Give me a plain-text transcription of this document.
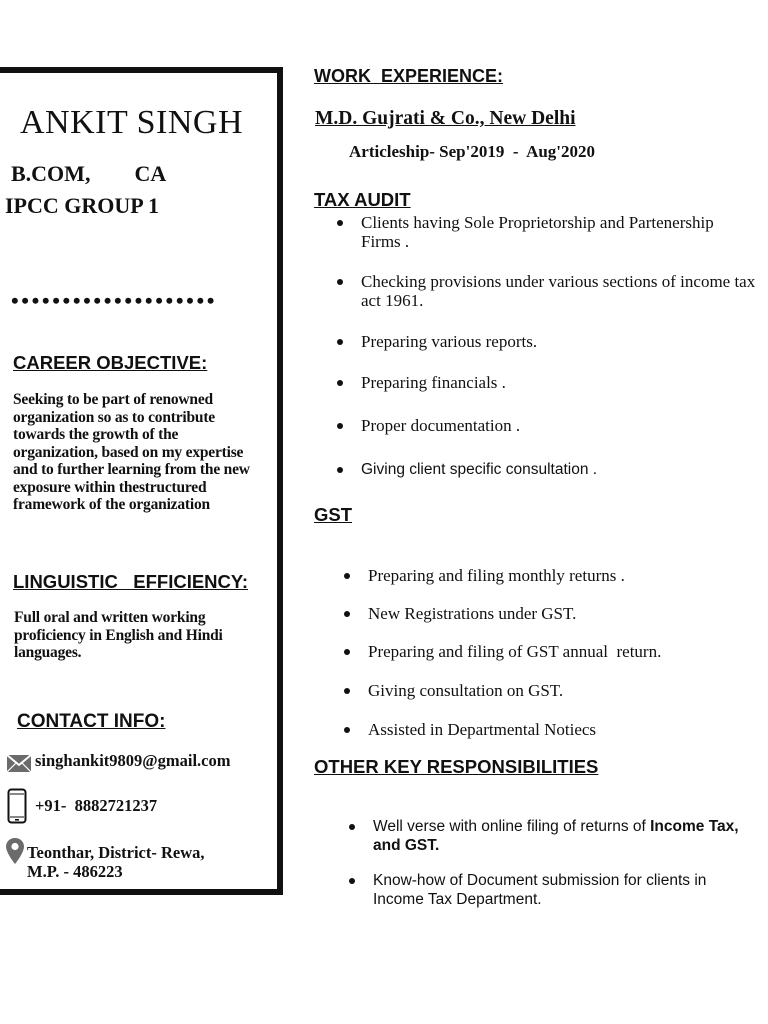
ANKIT SINGH
B.COM,        CA
IPCC GROUP 1
••••••••••••••••••••
CAREER OBJECTIVE:
Seeking to be part of renowned organization so as to contribute towards the growth of the organization, based on my expertise and to further learning from the new exposure within thestructured framework of the organization
LINGUISTIC   EFFICIENCY:
Full oral and written working proficiency in English and Hindi languages.
CONTACT INFO:
singhankit9809@gmail.com
+91-  8882721237
Teonthar, District- Rewa,
M.P. - 486223
WORK  EXPERIENCE:
M.D. Gujrati & Co., New Delhi
Articleship- Sep'2019  -  Aug'2020
TAX AUDIT
Clients having Sole Proprietorship and Partenership Firms .
Checking provisions under various sections of income tax act 1961.
Preparing various reports.
Preparing financials .
Proper documentation .
Giving client specific consultation .
GST
Preparing and filing monthly returns .
New Registrations under GST.
Preparing and filing of GST annual  return.
Giving consultation on GST.
Assisted in Departmental Notiecs
OTHER KEY RESPONSIBILITIES
Well verse with online filing of returns of Income Tax, and GST.
Know-how of Document submission for clients in Income Tax Department.
